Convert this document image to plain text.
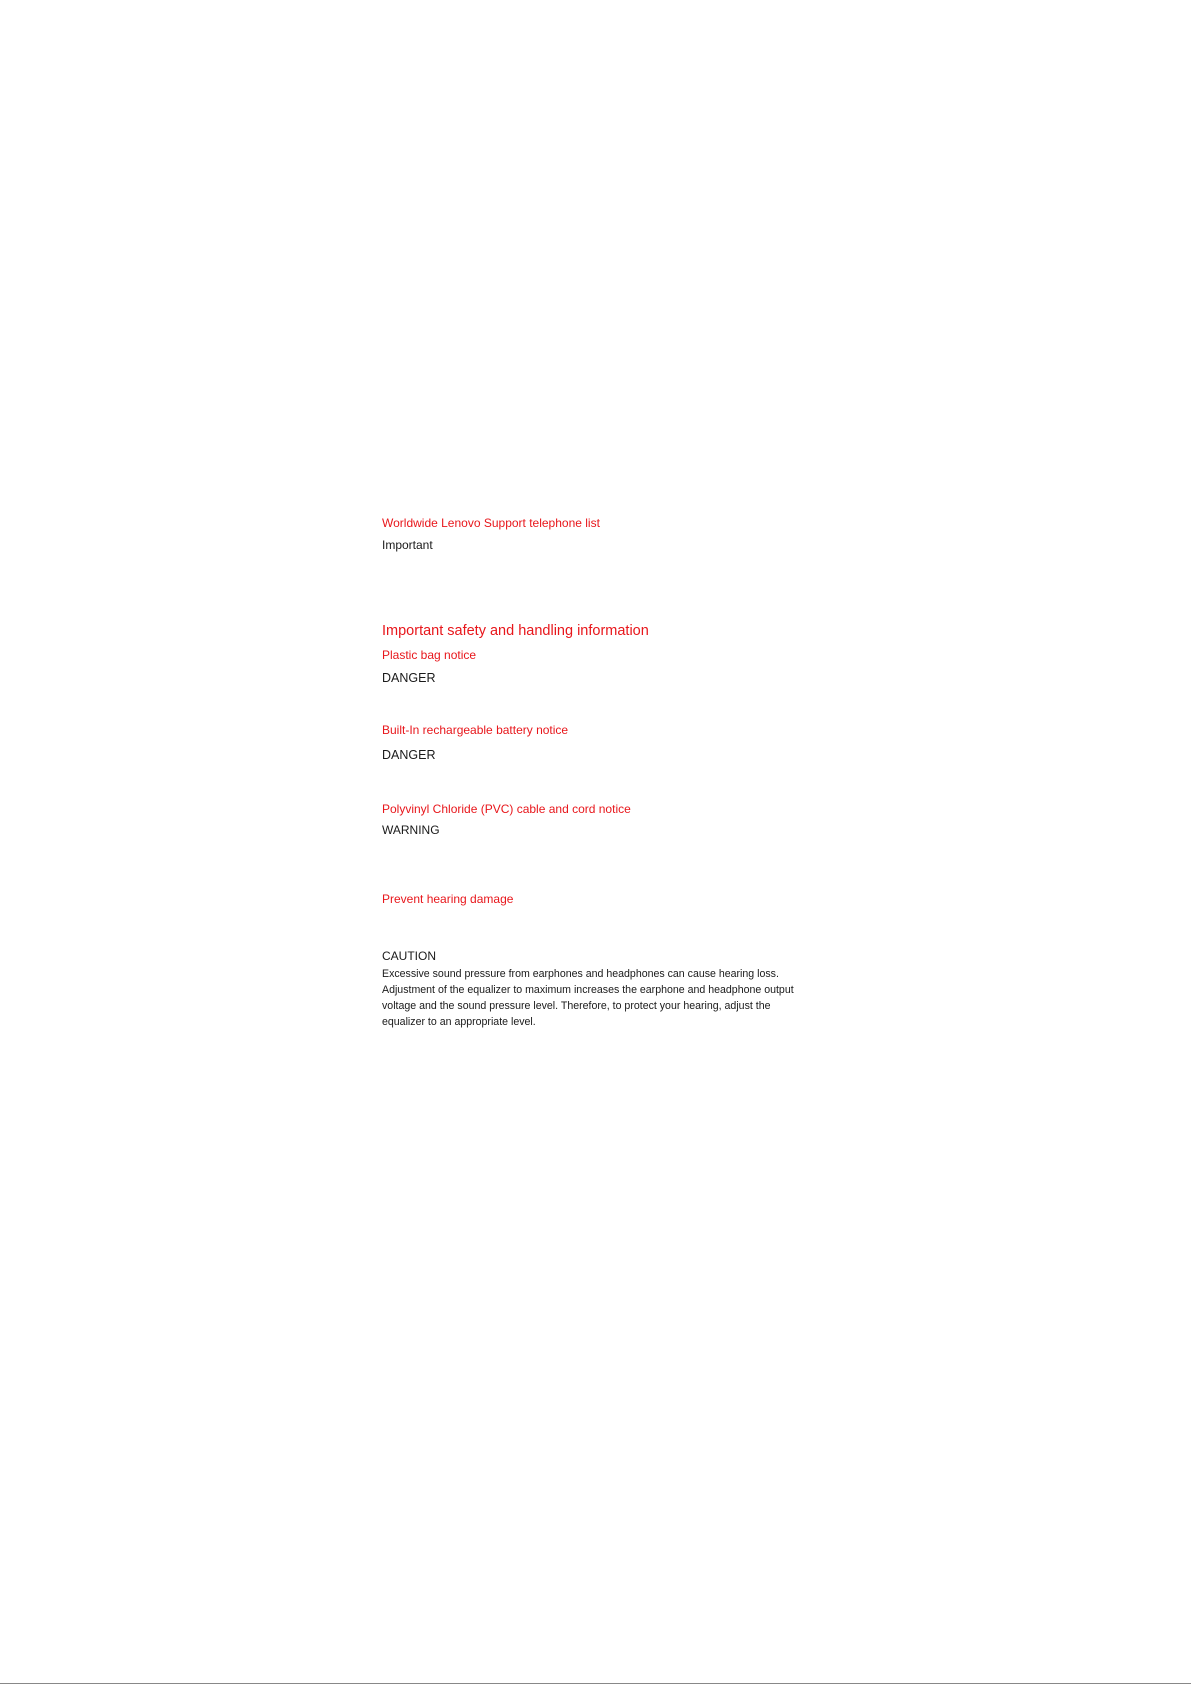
Worldwide Lenovo Support telephone list

Important

Important safety and handling information

Plastic bag notice

DANGER

Built-In rechargeable battery notice

DANGER

Polyvinyl Chloride (PVC) cable and cord notice

WARNING

Prevent hearing damage

CAUTION

Excessive sound pressure from earphones and headphones can cause hearing loss. Adjustment of the equalizer to maximum increases the earphone and headphone output voltage and the sound pressure level. Therefore, to protect your hearing, adjust the equalizer to an appropriate level.
